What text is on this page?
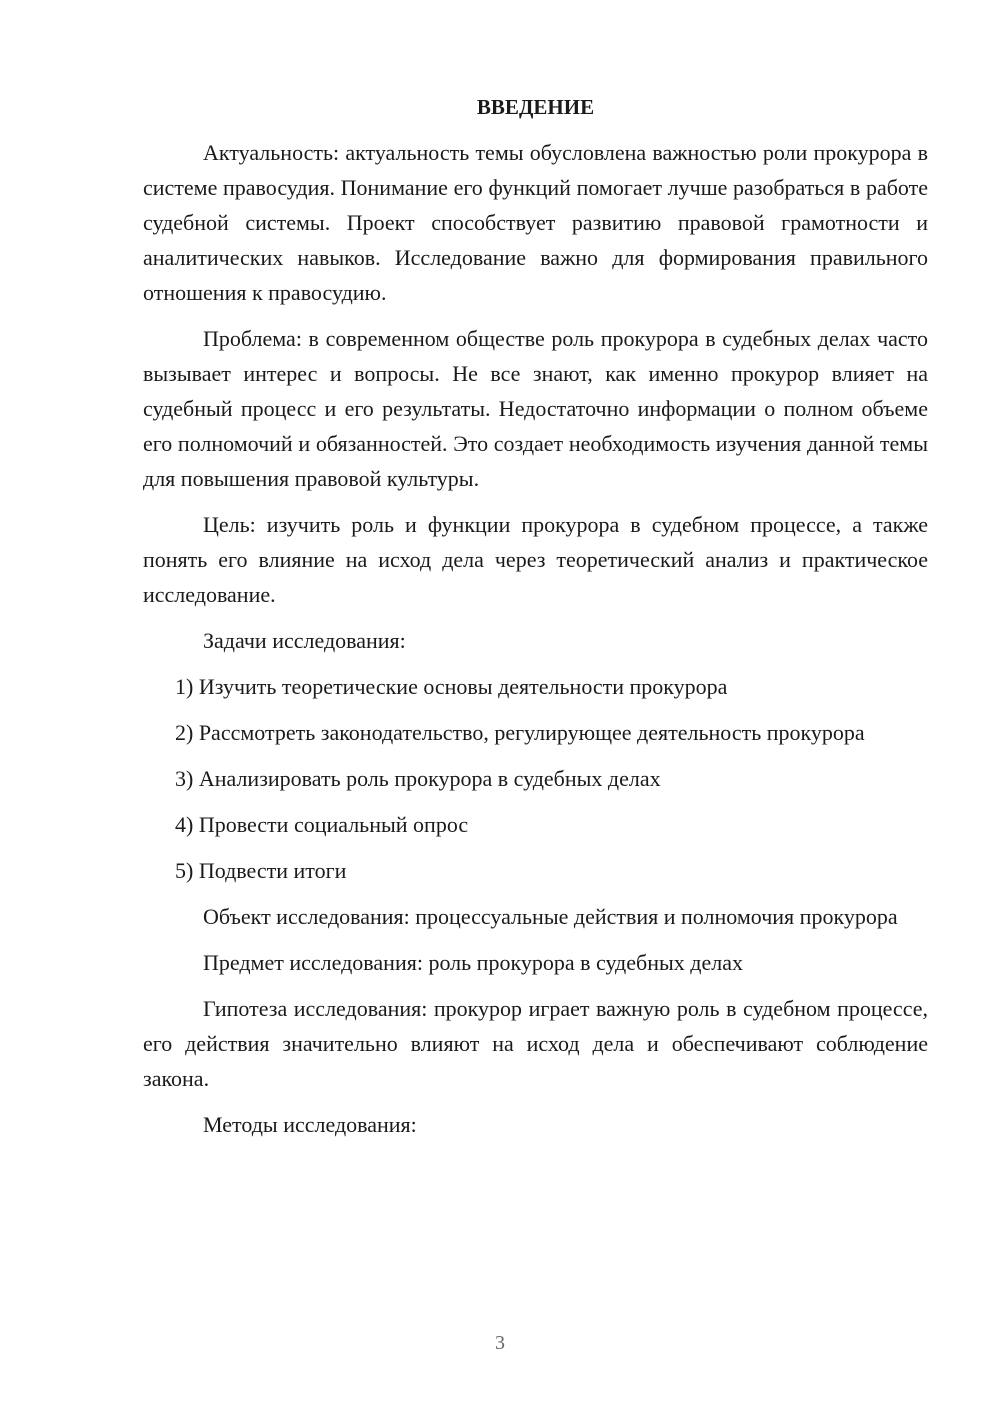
ВВЕДЕНИЕ

Актуальность: актуальность темы обусловлена важностью роли прокурора в системе правосудия. Понимание его функций помогает лучше разобраться в работе судебной системы. Проект способствует развитию правовой грамотности и аналитических навыков. Исследование важно для формирования правильного отношения к правосудию.

Проблема: в современном обществе роль прокурора в судебных делах часто вызывает интерес и вопросы. Не все знают, как именно прокурор влияет на судебный процесс и его результаты. Недостаточно информации о полном объеме его полномочий и обязанностей. Это создает необходимость изучения данной темы для повышения правовой культуры.

Цель: изучить роль и функции прокурора в судебном процессе, а также понять его влияние на исход дела через теоретический анализ и практическое исследование.

Задачи исследования:

1) Изучить теоретические основы деятельности прокурора

2) Рассмотреть законодательство, регулирующее деятельность прокурора

3) Анализировать роль прокурора в судебных делах

4) Провести социальный опрос

5) Подвести итоги

Объект исследования: процессуальные действия и полномочия прокурора

Предмет исследования: роль прокурора в судебных делах

Гипотеза исследования: прокурор играет важную роль в судебном процессе, его действия значительно влияют на исход дела и обеспечивают соблюдение закона.

Методы исследования:

3
